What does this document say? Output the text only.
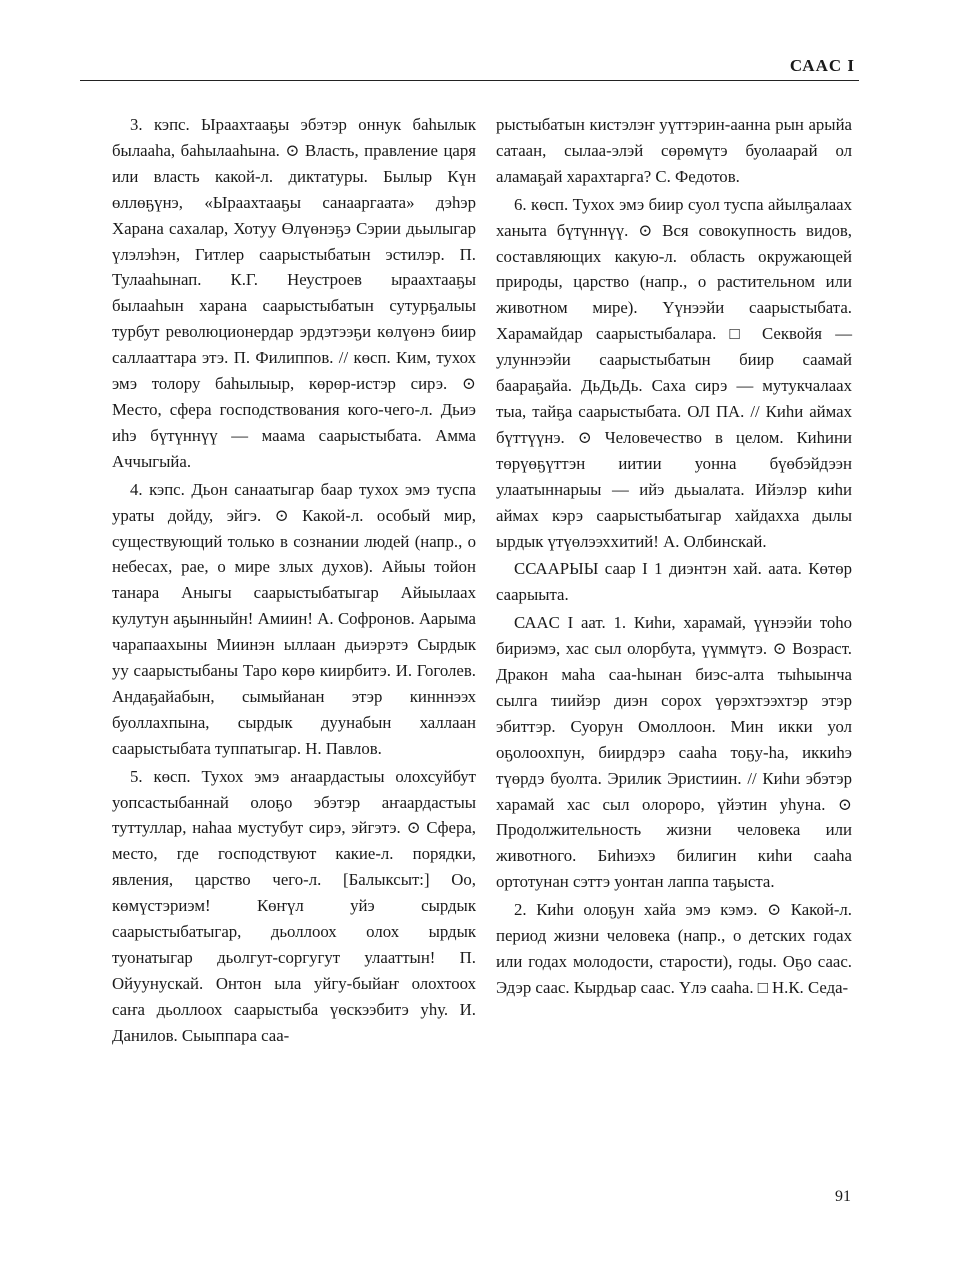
САAC I

3. кэпс. Ыраахтааҕы эбэтэр оннук баһылык былааһа, баһылааһына. ⊙ Власть, правление царя или власть какой-л. диктатуры. Былыр Күн өллөҕүнэ, «Ыраахтааҕы санааргаата» дэһэр Харана сахалар, Хотуу Өлүөнэҕэ Сэрии дьылыгар үлэлэһэн, Гитлер саарыстыбатын эстилэр. П. Тулааһынап. К.Г. Неустроев ыраахтааҕы былааһын харана саарыстыбатын сутурҕалыы турбут революционердар эрдэтээҕи көлүөнэ биир саллааттара этэ. П. Филиппов. // көсп. Ким, тухох эмэ толору баһылыыр, көрөр-истэр сирэ. ⊙ Место, сфера господствования кого-чего-л. Дьиэ иһэ бүтүннүү — маама саарыстыбата. Амма Аччыгыйа.

4. кэпс. Дьон санаатыгар баар тухох эмэ туспа ураты дойду, эйгэ. ⊙ Какой-л. особый мир, существующий только в сознании людей (напр., о небесах, рае, о мире злых духов). Айыы тойон танара Аныгы саарыстыбатыгар Айыылаах кулутун аҕынныйн! Амиин! А. Софронов. Аарыма чарапаахыны Миинэн ыллаан дьиэрэтэ Сырдык уу саарыстыбаны Таро көрө киирбитэ. И. Гоголев. Андаҕайабын, сымыйанан этэр кинннээх буоллахпына, сырдык дуунабын халлаан саарыстыбата туппатыгар. Н. Павлов.

5. көсп. Тухох эмэ аҥаардастыы олохсуйбут уопсастыбаннай олоҕо эбэтэр аҥаардастыы туттуллар, наһаа мустубут сирэ, эйгэтэ. ⊙ Сфера, место, где господствуют какие-л. порядки, явления, царство чего-л. [Балыксыт:] Оо, көмүстэриэм! Көҥүл уйэ сырдык саарыстыбатыгар, дьоллоох олох ырдык туонатыгар дьолгут-соргугут улааттын! П. Ойуунускай. Онтон ыла уйгу-быйаҥ олохтоох саҥа дьоллоох саарыстыба үөскээбитэ уһу. И. Данилов. Сыыппара саа-

рыстыбатын кистэлэҥ уүттэрин-аанна рын арыйа сатаан, сылаа-элэй сөрөмүтэ буолаарай ол аламаҕай харахтарга? С. Федотов.

6. көсп. Тухох эмэ биир суол туспа айылҕалаах ханыта бүтүннүү. ⊙ Вся совокупность видов, составляющих какую-л. область окружающей природы, царство (напр., о растительном или животном мире). Үүнээйи саарыстыбата. Харамайдар саарыстыбалара. □ Секвойя — улуннээйи саарыстыбатын биир саамай баараҕайа. ДьДьДь. Саха сирэ — мутукчалаах тыа, тайҕа саарыстыбата. ОЛ ПА. // Киһи аймах бүттүүнэ. ⊙ Человечество в целом. Киһини төрүөҕүттэн иитии уонна бүөбэйдээн улаатыннарыы — ийэ дьыалата. Ийэлэр киһи аймах кэрэ саарыстыбатыгар хайдахха дылы ырдык үтүөлээххитий! А. Олбинскай.

ССААРЫЫ саар I 1 диэнтэн хай. аата. Көтөр саарыыта.

САAC I аат. 1. Киһи, харамай, үүнээйи тоһо бириэмэ, хас сыл олорбута, үүммүтэ. ⊙ Возраст. Дракон маһа саа-һынан биэс-алта тыһыынча сылга тиийэр диэн сорох үөрэхтээхтэр этэр эбиттэр. Суорун Омоллоон. Мин икки уол оҕолоохпун, биирдэрэ сааһа тоҕу-һа, иккиһэ түөрдэ буолта. Эрилик Эристиин. // Киһи эбэтэр харамай хас сыл олороро, үйэтин уһуна. ⊙ Продолжительность жизни человека или животного. Биһиэхэ билигин киһи сааһа ортотунан сэттэ уонтан лаппа таҕыста.

2. Киһи олоҕун хайа эмэ кэмэ. ⊙ Какой-л. период жизни человека (напр., о детских годах или годах молодости, старости), годы. Оҕо саас. Эдэр саас. Кырдьар саас. Үлэ сааһа. □ Н.К. Седа-

91
